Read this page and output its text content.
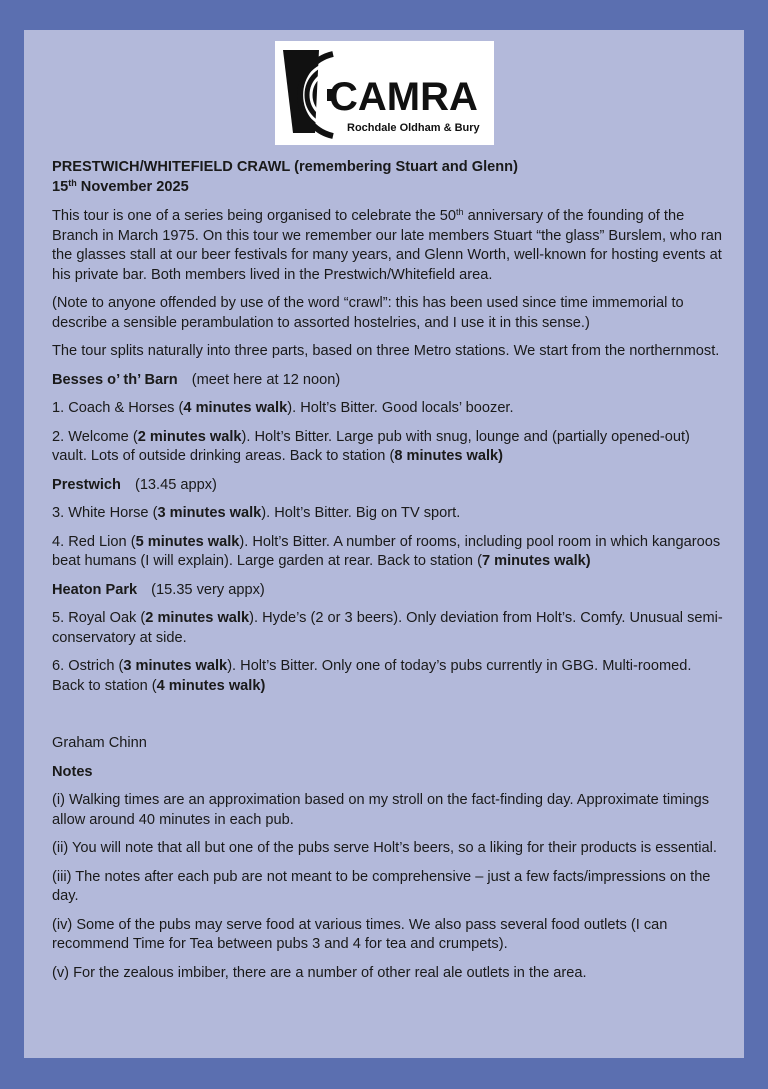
CAMRA
Rochdale Oldham & Bury

PRESTWICH/WHITEFIELD CRAWL (remembering Stuart and Glenn)

15th November 2025

This tour is one of a series being organised to celebrate the 50th anniversary of the founding of the Branch in March 1975. On this tour we remember our late members Stuart “the glass” Burslem, who ran the glasses stall at our beer festivals for many years, and Glenn Worth, well-known for hosting events at his private bar. Both members lived in the Prestwich/Whitefield area.

(Note to anyone offended by use of the word “crawl”: this has been used since time immemorial to describe a sensible perambulation to assorted hostelries, and I use it in this sense.)

The tour splits naturally into three parts, based on three Metro stations. We start from the northernmost.

Besses o’ th’ Barn (meet here at 12 noon)

1. Coach & Horses (4 minutes walk). Holt’s Bitter. Good locals’ boozer.

2. Welcome (2 minutes walk). Holt’s Bitter. Large pub with snug, lounge and (partially opened-out) vault. Lots of outside drinking areas. Back to station (8 minutes walk)

Prestwich (13.45 appx)

3. White Horse (3 minutes walk). Holt’s Bitter. Big on TV sport.

4. Red Lion (5 minutes walk). Holt’s Bitter. A number of rooms, including pool room in which kangaroos beat humans (I will explain). Large garden at rear. Back to station (7 minutes walk)

Heaton Park (15.35 very appx)

5. Royal Oak (2 minutes walk). Hyde’s (2 or 3 beers). Only deviation from Holt’s. Comfy. Unusual semi-conservatory at side.

6. Ostrich (3 minutes walk). Holt’s Bitter. Only one of today’s pubs currently in GBG. Multi-roomed. Back to station (4 minutes walk)

Graham Chinn

Notes

(i) Walking times are an approximation based on my stroll on the fact-finding day. Approximate timings allow around 40 minutes in each pub.

(ii) You will note that all but one of the pubs serve Holt’s beers, so a liking for their products is essential.

(iii) The notes after each pub are not meant to be comprehensive – just a few facts/impressions on the day.

(iv) Some of the pubs may serve food at various times. We also pass several food outlets (I can recommend Time for Tea between pubs 3 and 4 for tea and crumpets).

(v) For the zealous imbiber, there are a number of other real ale outlets in the area.
